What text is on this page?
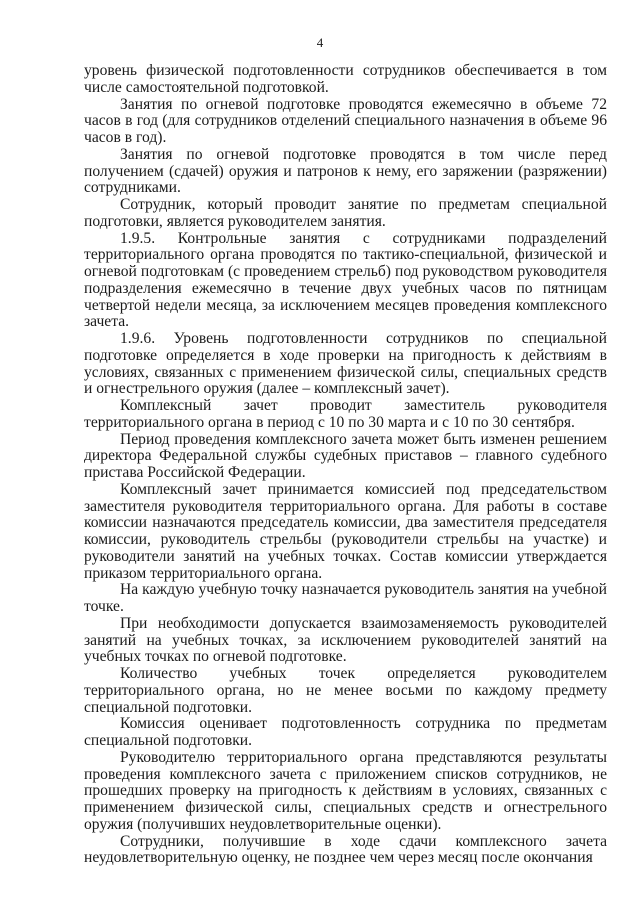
4

уровень физической подготовленности сотрудников обеспечивается в том числе самостоятельной подготовкой.

Занятия по огневой подготовке проводятся ежемесячно в объеме 72 часов в год (для сотрудников отделений специального назначения в объеме 96 часов в год).

Занятия по огневой подготовке проводятся в том числе перед получением (сдачей) оружия и патронов к нему, его заряжении (разряжении) сотрудниками.

Сотрудник, который проводит занятие по предметам специальной подготовки, является руководителем занятия.

1.9.5. Контрольные занятия с сотрудниками подразделений территориального органа проводятся по тактико-специальной, физической и огневой подготовкам (с проведением стрельб) под руководством руководителя подразделения ежемесячно в течение двух учебных часов по пятницам четвертой недели месяца, за исключением месяцев проведения комплексного зачета.

1.9.6. Уровень подготовленности сотрудников по специальной подготовке определяется в ходе проверки на пригодность к действиям в условиях, связанных с применением физической силы, специальных средств и огнестрельного оружия (далее – комплексный зачет).

Комплексный зачет проводит заместитель руководителя территориального органа в период с 10 по 30 марта и с 10 по 30 сентября.

Период проведения комплексного зачета может быть изменен решением директора Федеральной службы судебных приставов – главного судебного пристава Российской Федерации.

Комплексный зачет принимается комиссией под председательством заместителя руководителя территориального органа. Для работы в составе комиссии назначаются председатель комиссии, два заместителя председателя комиссии, руководитель стрельбы (руководители стрельбы на участке) и руководители занятий на учебных точках. Состав комиссии утверждается приказом территориального органа.

На каждую учебную точку назначается руководитель занятия на учебной точке.

При необходимости допускается взаимозаменяемость руководителей занятий на учебных точках, за исключением руководителей занятий на учебных точках по огневой подготовке.

Количество учебных точек определяется руководителем территориального органа, но не менее восьми по каждому предмету специальной подготовки.

Комиссия оценивает подготовленность сотрудника по предметам специальной подготовки.

Руководителю территориального органа представляются результаты проведения комплексного зачета с приложением списков сотрудников, не прошедших проверку на пригодность к действиям в условиях, связанных с применением физической силы, специальных средств и огнестрельного оружия (получивших неудовлетворительные оценки).

Сотрудники, получившие в ходе сдачи комплексного зачета неудовлетворительную оценку, не позднее чем через месяц после окончания
